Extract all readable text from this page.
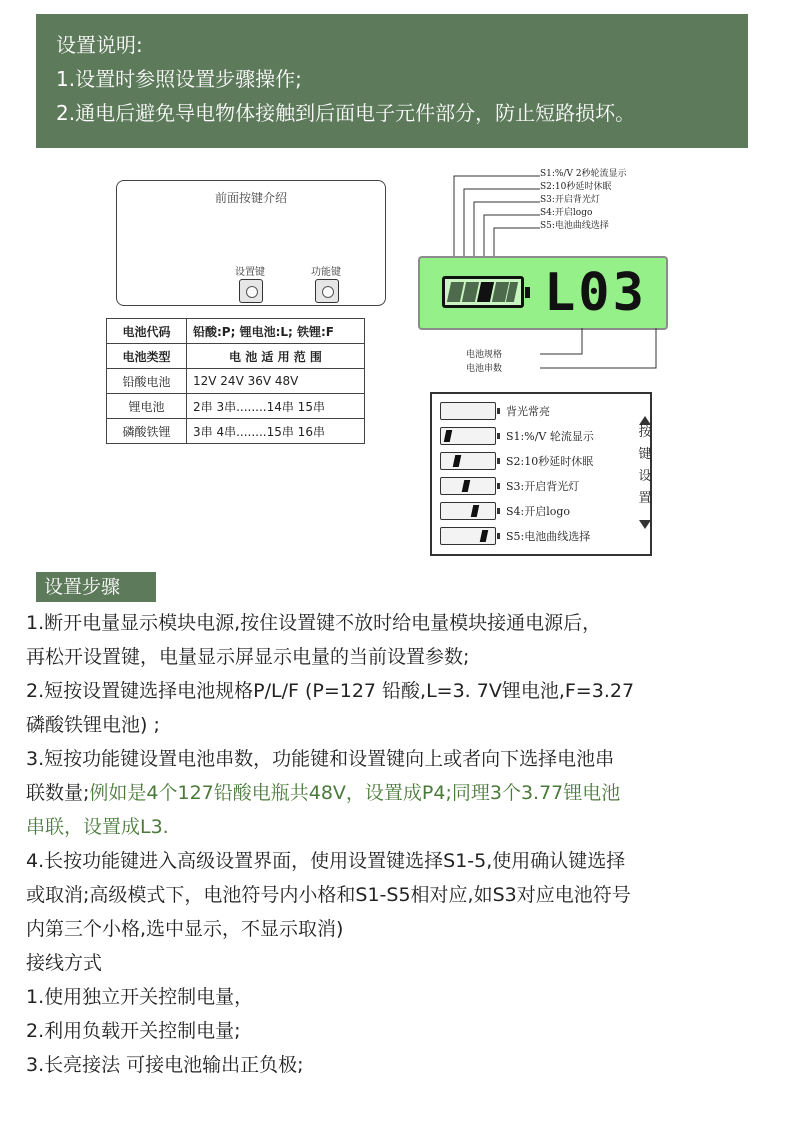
设置说明:
1.设置时参照设置步骤操作;
2.通电后避免导电物体接触到后面电子元件部分，防止短路损坏。
前面按键介绍
设置键	功能键
电池代码	铅酸:P; 锂电池:L; 铁锂:F
电池类型	电 池 适 用 范 围
铅酸电池	12V 24V 36V 48V
锂电池	2串 3串........14串 15串
磷酸铁锂	3串 4串........15串 16串
S1:%/V 2秒轮流显示
S2:10秒延时休眠
S3:开启背光灯
S4:开启logo
S5:电池曲线选择
L03
电池规格
电池串数
背光常亮
S1:%/V 轮流显示
S2:10秒延时休眠
S3:开启背光灯
S4:开启logo
S5:电池曲线选择
按键设置
设置步骤
1.断开电量显示模块电源,按住设置键不放时给电量模块接通电源后，
再松开设置键，电量显示屏显示电量的当前设置参数;
2.短按设置键选择电池规格P/L/F (P=127 铅酸,L=3. 7V锂电池,F=3.27
磷酸铁锂电池) ;
3.短按功能键设置电池串数，功能键和设置键向上或者向下选择电池串
联数量;例如是4个127铅酸电瓶共48V，设置成P4;同理3个3.77锂电池
串联，设置成L3.
4.长按功能键进入高级设置界面，使用设置键选择S1-5,使用确认键选择
或取消;高级模式下，电池符号内小格和S1-S5相对应,如S3对应电池符号
内第三个小格,选中显示，不显示取消)
接线方式
1.使用独立开关控制电量，
2.利用负载开关控制电量;
3.长亮接法 可接电池输出正负极;
